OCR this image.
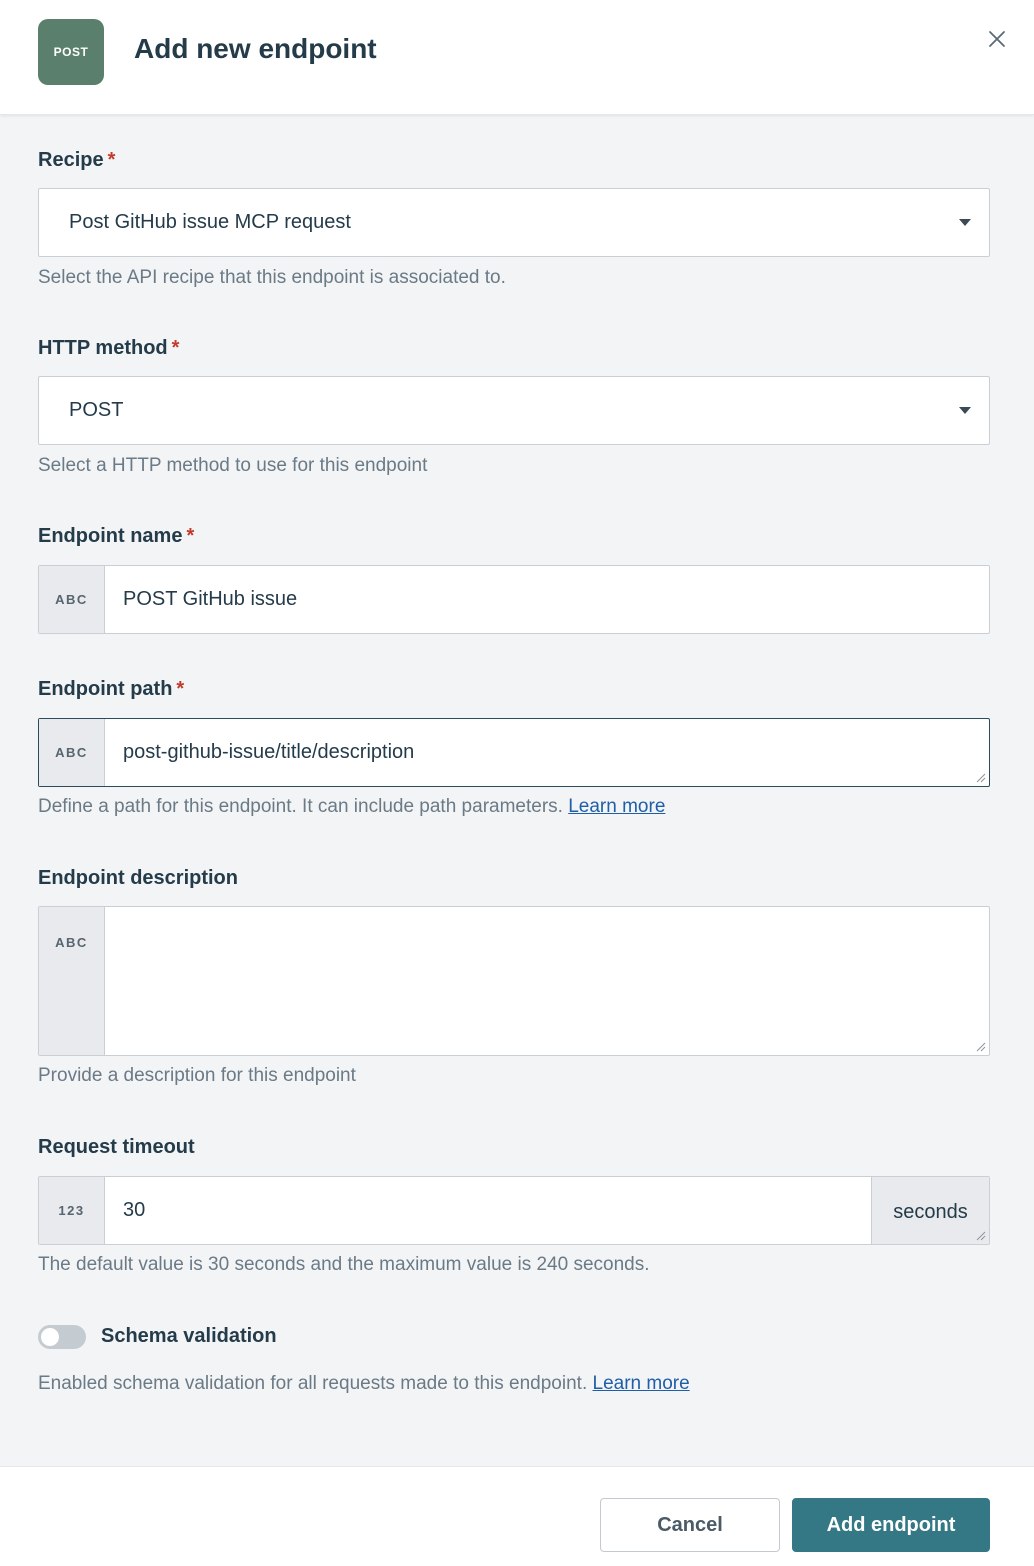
POST Add new endpoint
Recipe *
Post GitHub issue MCP request
Select the API recipe that this endpoint is associated to.
HTTP method *
POST
Select a HTTP method to use for this endpoint
Endpoint name *
ABC	POST GitHub issue
Endpoint path *
ABC	post-github-issue/title/description
Define a path for this endpoint. It can include path parameters. Learn more
Endpoint description
ABC
Provide a description for this endpoint
Request timeout
123	30	seconds
The default value is 30 seconds and the maximum value is 240 seconds.
Schema validation
Enabled schema validation for all requests made to this endpoint. Learn more
Cancel	Add endpoint
